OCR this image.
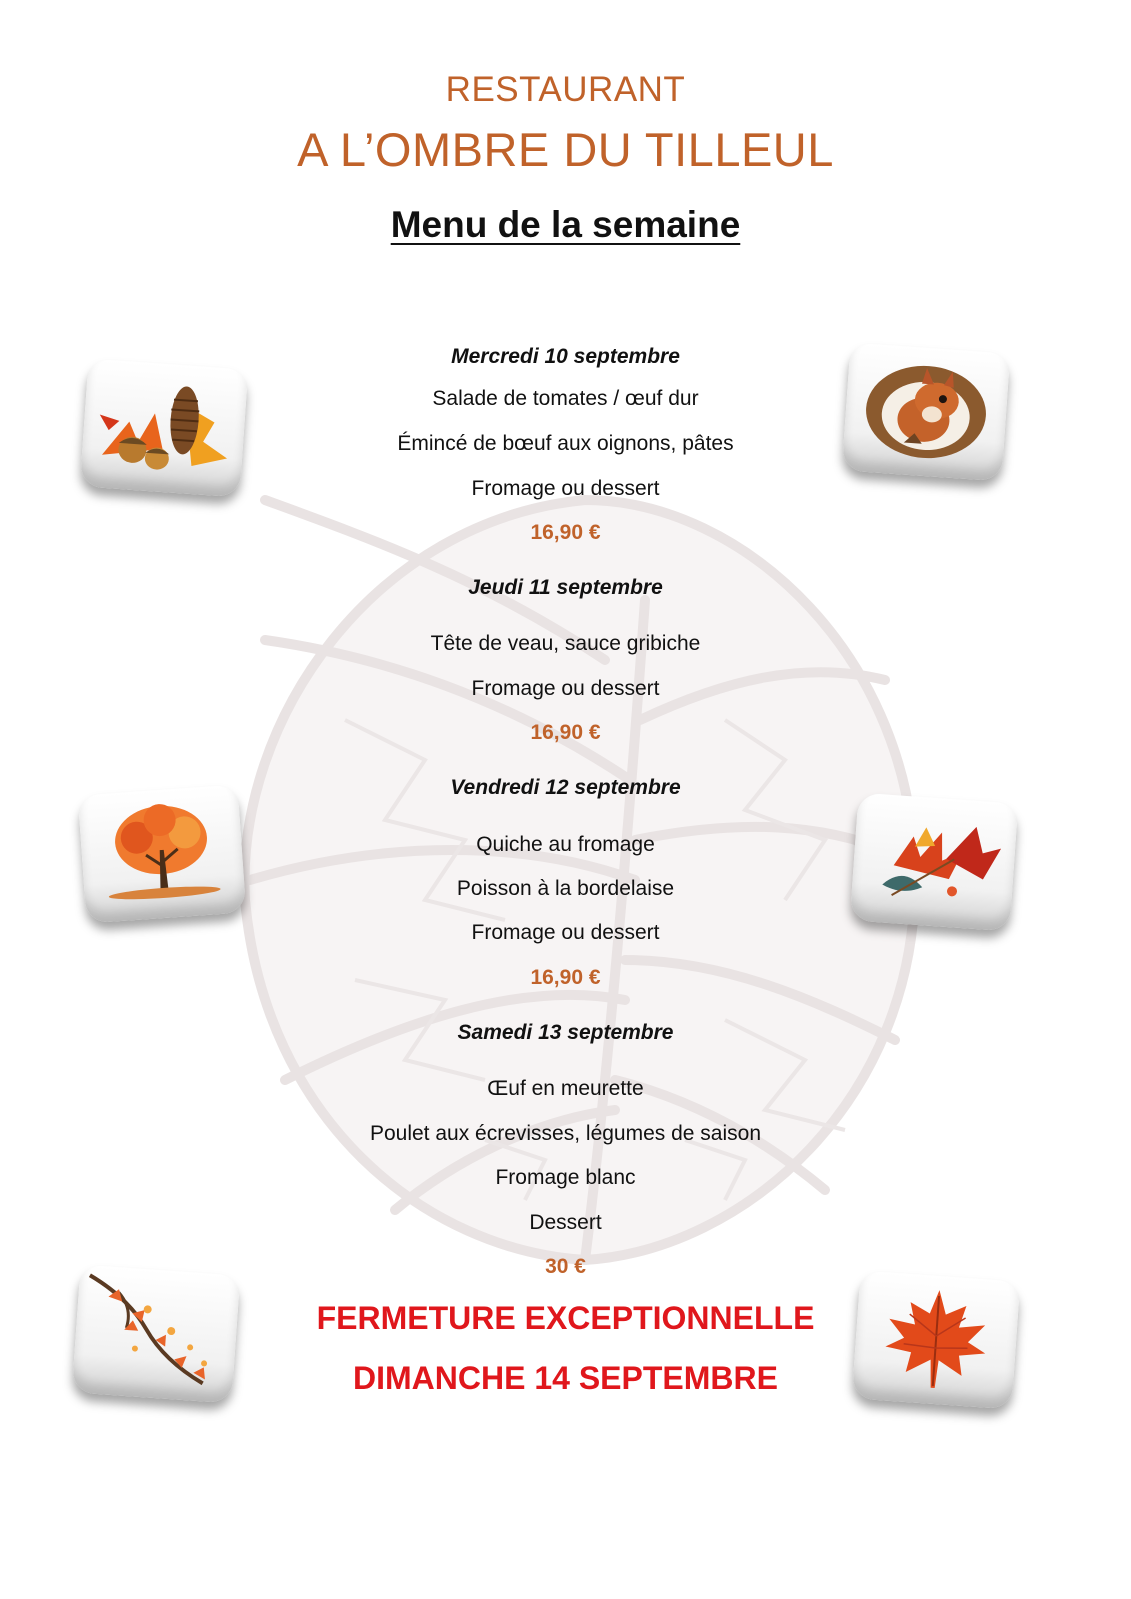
RESTAURANT
A L’OMBRE DU TILLEUL
Menu de la semaine
Mercredi 10 septembre
Salade de tomates / œuf dur
Émincé de bœuf aux oignons, pâtes
Fromage ou dessert
16,90 €
Jeudi 11 septembre
Tête de veau, sauce gribiche
Fromage ou dessert
16,90 €
Vendredi 12 septembre
Quiche au fromage
Poisson à la bordelaise
Fromage ou dessert
16,90 €
Samedi 13 septembre
Œuf en meurette
Poulet aux écrevisses, légumes de saison
Fromage blanc
Dessert
30 €
FERMETURE EXCEPTIONNELLE
DIMANCHE 14 SEPTEMBRE
